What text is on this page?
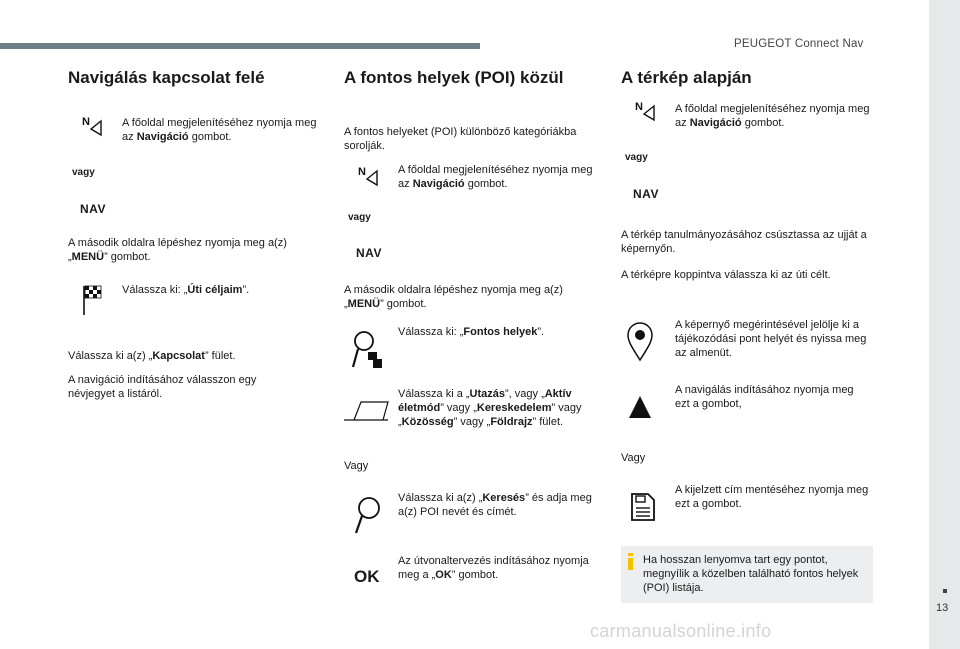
PEUGEOT Connect Nav
13
carmanualsonline.info
Navigálás kapcsolat felé
N	A főoldal megjelenítéséhez nyomja meg az Navigáció gombot.

vagy
NAV

A második oldalra lépéshez nyomja meg a(z) „MENÜ” gombot.

Válassza ki: „Úti céljaim”.

Válassza ki a(z) „Kapcsolat” fület.

A navigáció indításához válasszon egy névjegyet a listáról.

A fontos helyek (POI) közül

A fontos helyeket (POI) különböző kategóriákba sorolják.

N	A főoldal megjelenítéséhez nyomja meg az Navigáció gombot.

vagy
NAV

A második oldalra lépéshez nyomja meg a(z) „MENÜ” gombot.

Válassza ki: „Fontos helyek”.

Válassza ki a „Utazás”, vagy „Aktív életmód” vagy „Kereskedelem” vagy „Közösség” vagy „Földrajz” fület.

Vagy

Válassza ki a(z) „Keresés” és adja meg a(z) POI nevét és címét.

OK

Az útvonaltervezés indításához nyomja meg a „OK” gombot.

A térkép alapján
N	A főoldal megjelenítéséhez nyomja meg az Navigáció gombot.

vagy
NAV

A térkép tanulmányozásához csúsztassa az ujját a képernyőn.

A térképre koppintva válassza ki az úti célt.

A képernyő megérintésével jelölje ki a tájékozódási pont helyét és nyissa meg az almenüt.

A navigálás indításához nyomja meg ezt a gombot,

Vagy

A kijelzett cím mentéséhez nyomja meg ezt a gombot.

Ha hosszan lenyomva tart egy pontot, megnyílik a közelben található fontos helyek (POI) listája.
